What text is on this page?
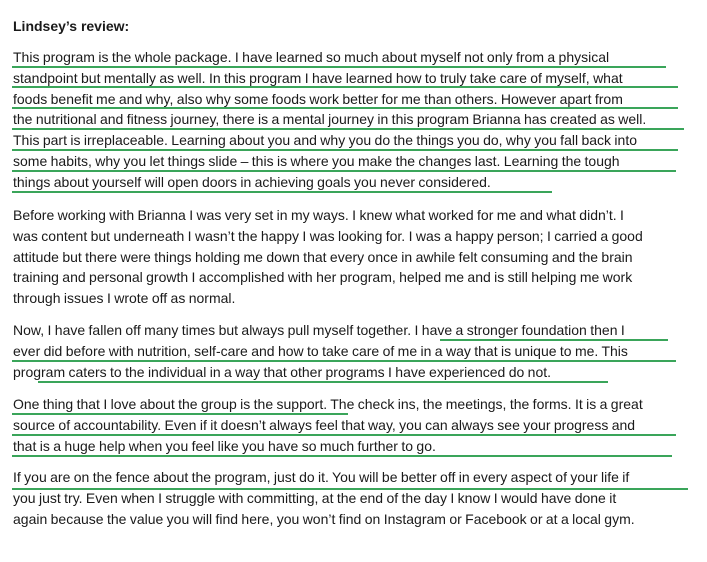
Lindsey’s review:
This program is the whole package. I have learned so much about myself not only from a physical
standpoint but mentally as well. In this program I have learned how to truly take care of myself, what
foods benefit me and why, also why some foods work better for me than others. However apart from
the nutritional and fitness journey, there is a mental journey in this program Brianna has created as well.
This part is irreplaceable. Learning about you and why you do the things you do, why you fall back into
some habits, why you let things slide – this is where you make the changes last. Learning the tough
things about yourself will open doors in achieving goals you never considered.
Before working with Brianna I was very set in my ways. I knew what worked for me and what didn’t. I
was content but underneath I wasn’t the happy I was looking for. I was a happy person; I carried a good
attitude but there were things holding me down that every once in awhile felt consuming and the brain
training and personal growth I accomplished with her program, helped me and is still helping me work
through issues I wrote off as normal.
Now, I have fallen off many times but always pull myself together. I have a stronger foundation then I
ever did before with nutrition, self-care and how to take care of me in a way that is unique to me. This
program caters to the individual in a way that other programs I have experienced do not.
One thing that I love about the group is the support. The check ins, the meetings, the forms. It is a great
source of accountability. Even if it doesn’t always feel that way, you can always see your progress and
that is a huge help when you feel like you have so much further to go.
If you are on the fence about the program, just do it. You will be better off in every aspect of your life if
you just try. Even when I struggle with committing, at the end of the day I know I would have done it
again because the value you will find here, you won’t find on Instagram or Facebook or at a local gym.
